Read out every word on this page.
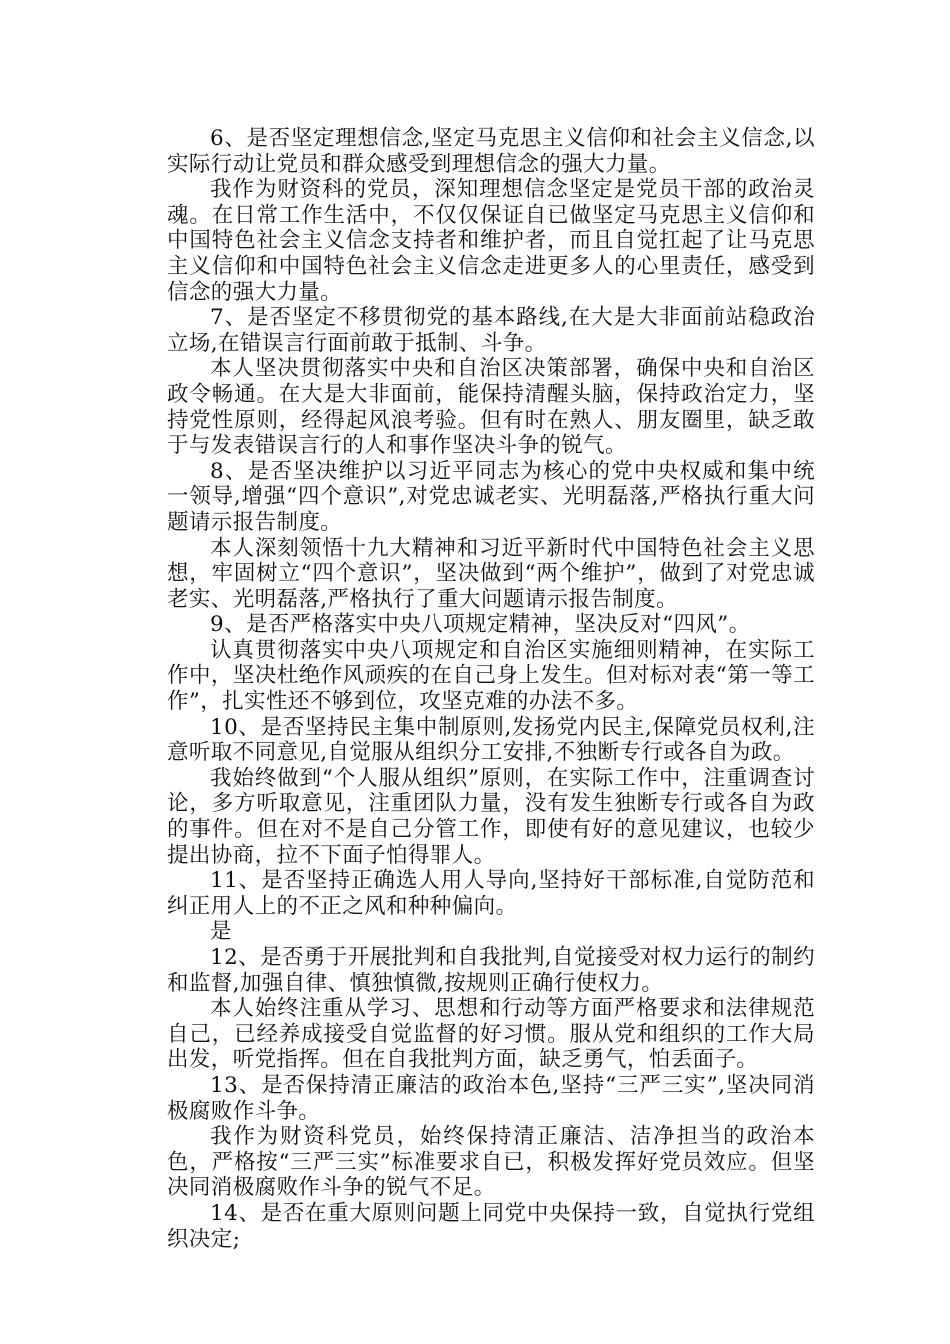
6、是否坚定理想信念,坚定马克思主义信仰和社会主义信念,以实际行动让党员和群众感受到理想信念的强大力量。

我作为财资科的党员，深知理想信念坚定是党员干部的政治灵魂。在日常工作生活中，不仅仅保证自已做坚定马克思主义信仰和中国特色社会主义信念支持者和维护者，而且自觉扛起了让马克思主义信仰和中国特色社会主义信念走进更多人的心里责任，感受到信念的强大力量。

7、是否坚定不移贯彻党的基本路线,在大是大非面前站稳政治立场,在错误言行面前敢于抵制、斗争。

本人坚决贯彻落实中央和自治区决策部署，确保中央和自治区政令畅通。在大是大非面前，能保持清醒头脑，保持政治定力，坚持党性原则，经得起风浪考验。但有时在熟人、朋友圈里，缺乏敢于与发表错误言行的人和事作坚决斗争的锐气。

8、是否坚决维护以习近平同志为核心的党中央权威和集中统一领导,增强“四个意识”,对党忠诚老实、光明磊落,严格执行重大问题请示报告制度。

本人深刻领悟十九大精神和习近平新时代中国特色社会主义思想，牢固树立“四个意识”，坚决做到“两个维护”，做到了对党忠诚老实、光明磊落,严格执行了重大问题请示报告制度。

9、是否严格落实中央八项规定精神，坚决反对“四风”。

认真贯彻落实中央八项规定和自治区实施细则精神，在实际工作中，坚决杜绝作风顽疾的在自己身上发生。但对标对表“第一等工作”，扎实性还不够到位，攻坚克难的办法不多。

10、是否坚持民主集中制原则,发扬党内民主,保障党员权利,注意听取不同意见,自觉服从组织分工安排,不独断专行或各自为政。

我始终做到“个人服从组织”原则，在实际工作中，注重调查讨论，多方听取意见，注重团队力量，没有发生独断专行或各自为政的事件。但在对不是自己分管工作，即使有好的意见建议，也较少提出协商，拉不下面子怕得罪人。

11、是否坚持正确选人用人导向,坚持好干部标准,自觉防范和纠正用人上的不正之风和种种偏向。

是

12、是否勇于开展批判和自我批判,自觉接受对权力运行的制约和监督,加强自律、慎独慎微,按规则正确行使权力。

本人始终注重从学习、思想和行动等方面严格要求和法律规范自己，已经养成接受自觉监督的好习惯。服从党和组织的工作大局出发，听党指挥。但在自我批判方面，缺乏勇气，怕丢面子。

13、是否保持清正廉洁的政治本色,坚持“三严三实”,坚决同消极腐败作斗争。

我作为财资科党员，始终保持清正廉洁、洁净担当的政治本色，严格按“三严三实”标准要求自已，积极发挥好党员效应。但坚决同消极腐败作斗争的锐气不足。

14、是否在重大原则问题上同党中央保持一致，自觉执行党组织决定;
